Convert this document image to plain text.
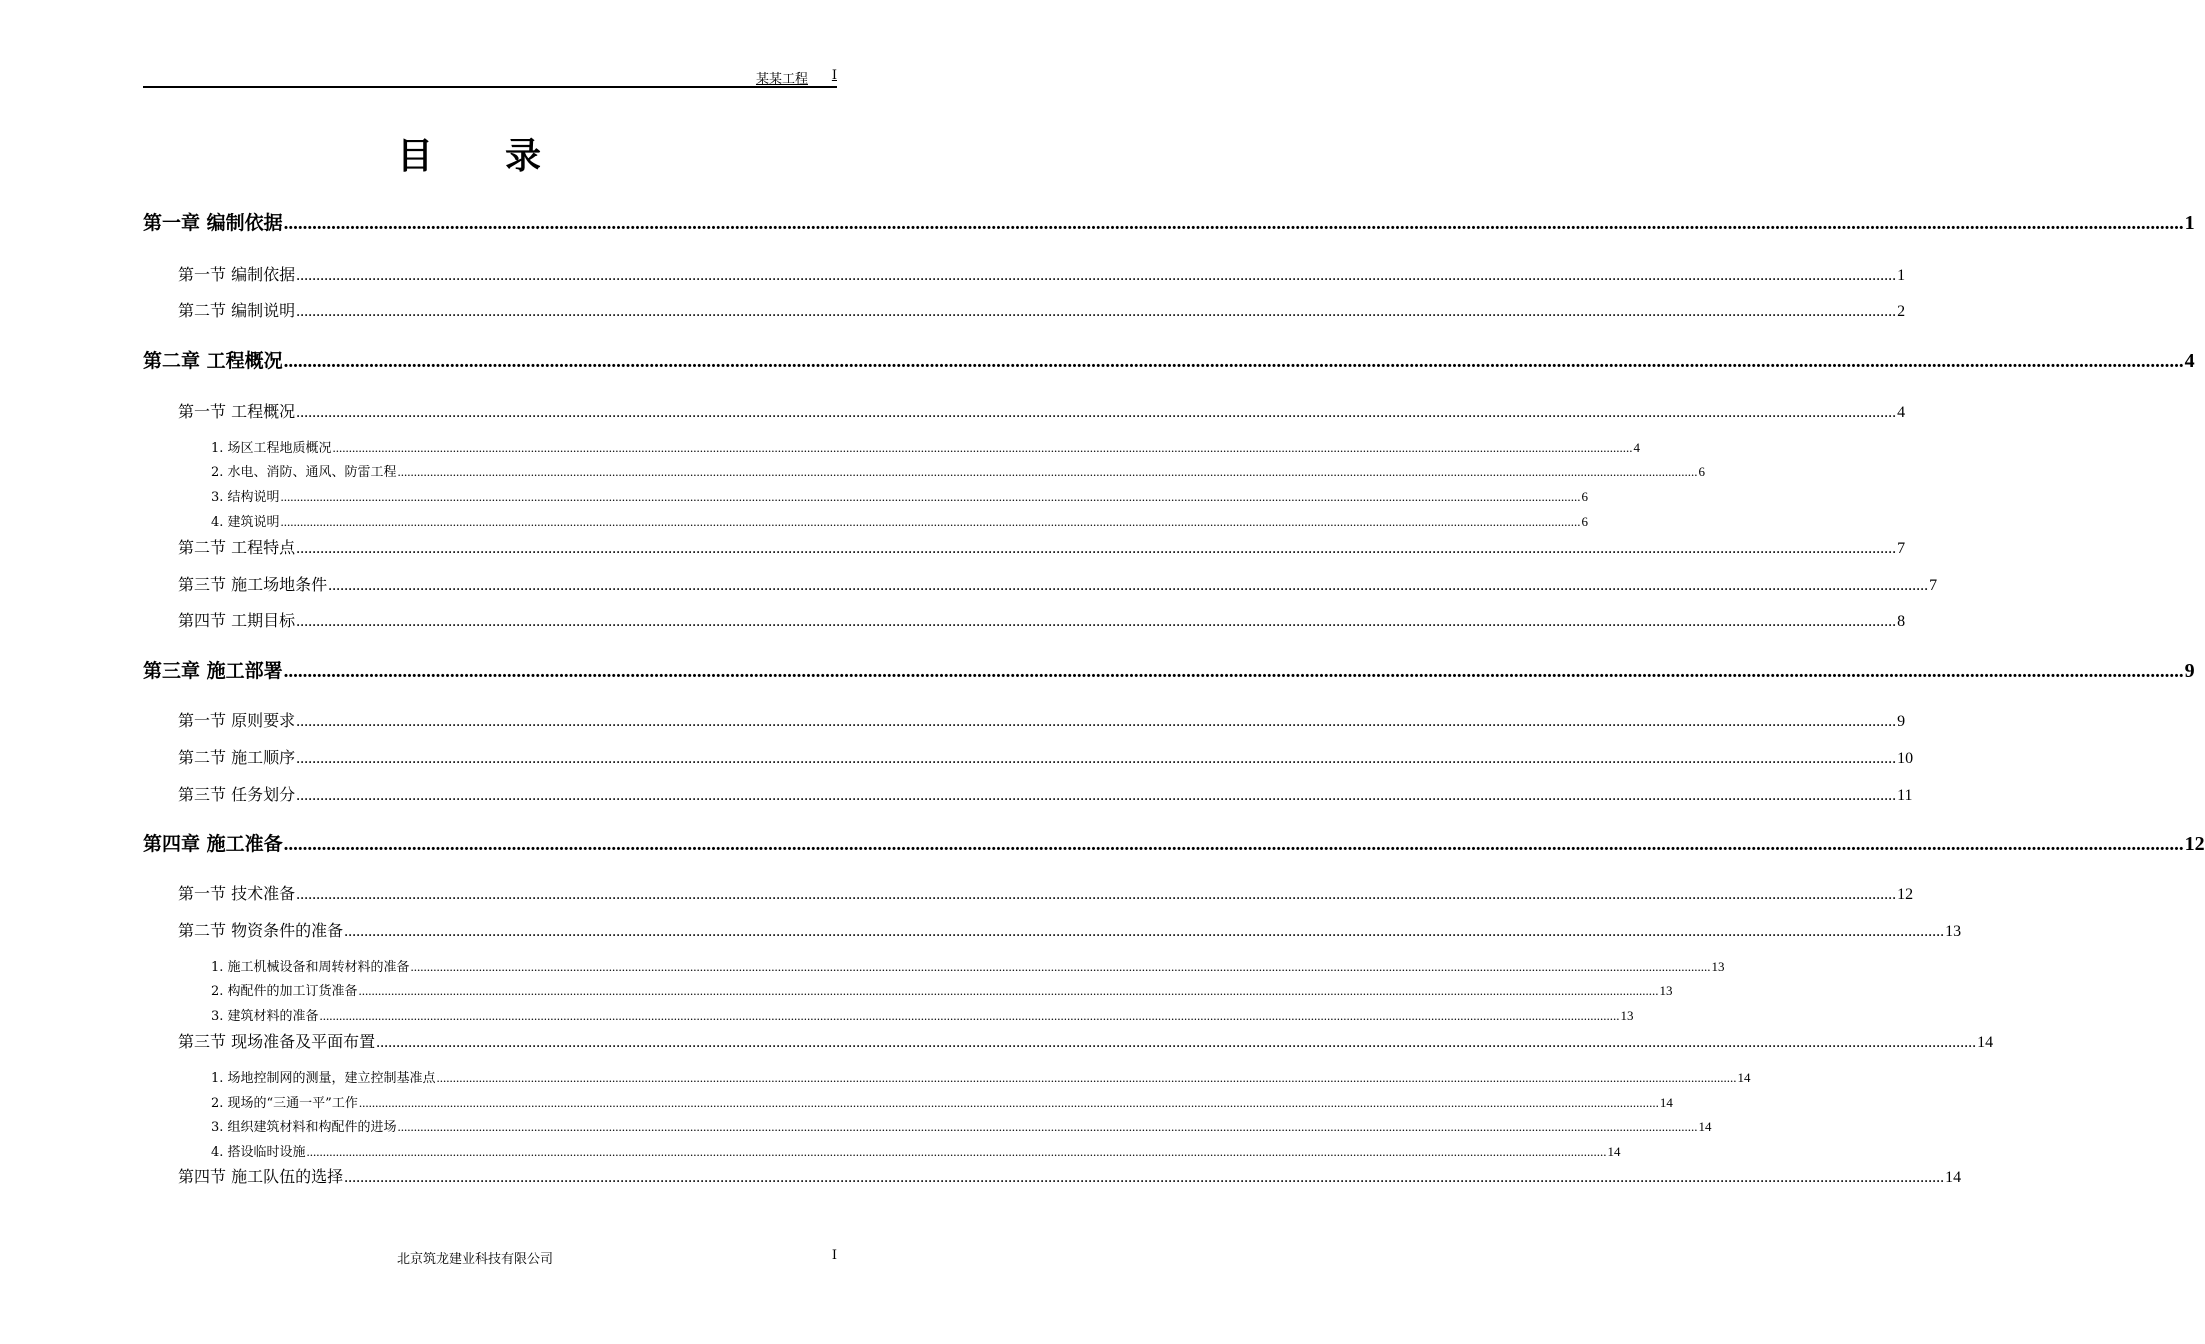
某某工程 I
目录
第一章 编制依据 ................................................................................................................................................................................................................................................................................................................................................................................................................ 1
第一节 编制依据 ................................................................................................................................................................................................................................................................................................................................................................................................................ 1
第二节 编制说明 ................................................................................................................................................................................................................................................................................................................................................................................................................ 2
第二章 工程概况 ................................................................................................................................................................................................................................................................................................................................................................................................................ 4
第一节 工程概况 ................................................................................................................................................................................................................................................................................................................................................................................................................ 4
1. 场区工程地质概况 ................................................................................................................................................................................................................................................................................................................................................................................................................ 4
2. 水电、消防、通风、防雷工程 ................................................................................................................................................................................................................................................................................................................................................................................................................ 6
3. 结构说明 ................................................................................................................................................................................................................................................................................................................................................................................................................ 6
4. 建筑说明 ................................................................................................................................................................................................................................................................................................................................................................................................................ 6
第二节 工程特点 ................................................................................................................................................................................................................................................................................................................................................................................................................ 7
第三节 施工场地条件 ................................................................................................................................................................................................................................................................................................................................................................................................................ 7
第四节 工期目标 ................................................................................................................................................................................................................................................................................................................................................................................................................ 8
第三章 施工部署 ................................................................................................................................................................................................................................................................................................................................................................................................................ 9
第一节 原则要求 ................................................................................................................................................................................................................................................................................................................................................................................................................ 9
第二节 施工顺序 ................................................................................................................................................................................................................................................................................................................................................................................................................ 10
第三节 任务划分 ................................................................................................................................................................................................................................................................................................................................................................................................................ 11
第四章 施工准备 ................................................................................................................................................................................................................................................................................................................................................................................................................ 12
第一节 技术准备 ................................................................................................................................................................................................................................................................................................................................................................................................................ 12
第二节 物资条件的准备 ................................................................................................................................................................................................................................................................................................................................................................................................................ 13
1. 施工机械设备和周转材料的准备 ................................................................................................................................................................................................................................................................................................................................................................................................................ 13
2. 构配件的加工订货准备 ................................................................................................................................................................................................................................................................................................................................................................................................................ 13
3. 建筑材料的准备 ................................................................................................................................................................................................................................................................................................................................................................................................................ 13
第三节 现场准备及平面布置 ................................................................................................................................................................................................................................................................................................................................................................................................................ 14
1. 场地控制网的测量，建立控制基准点 ................................................................................................................................................................................................................................................................................................................................................................................................................ 14
2. 现场的“三通一平”工作 ................................................................................................................................................................................................................................................................................................................................................................................................................ 14
3. 组织建筑材料和构配件的进场 ................................................................................................................................................................................................................................................................................................................................................................................................................ 14
4. 搭设临时设施 ................................................................................................................................................................................................................................................................................................................................................................................................................ 14
第四节 施工队伍的选择 ................................................................................................................................................................................................................................................................................................................................................................................................................ 14
北京筑龙建业科技有限公司	I
